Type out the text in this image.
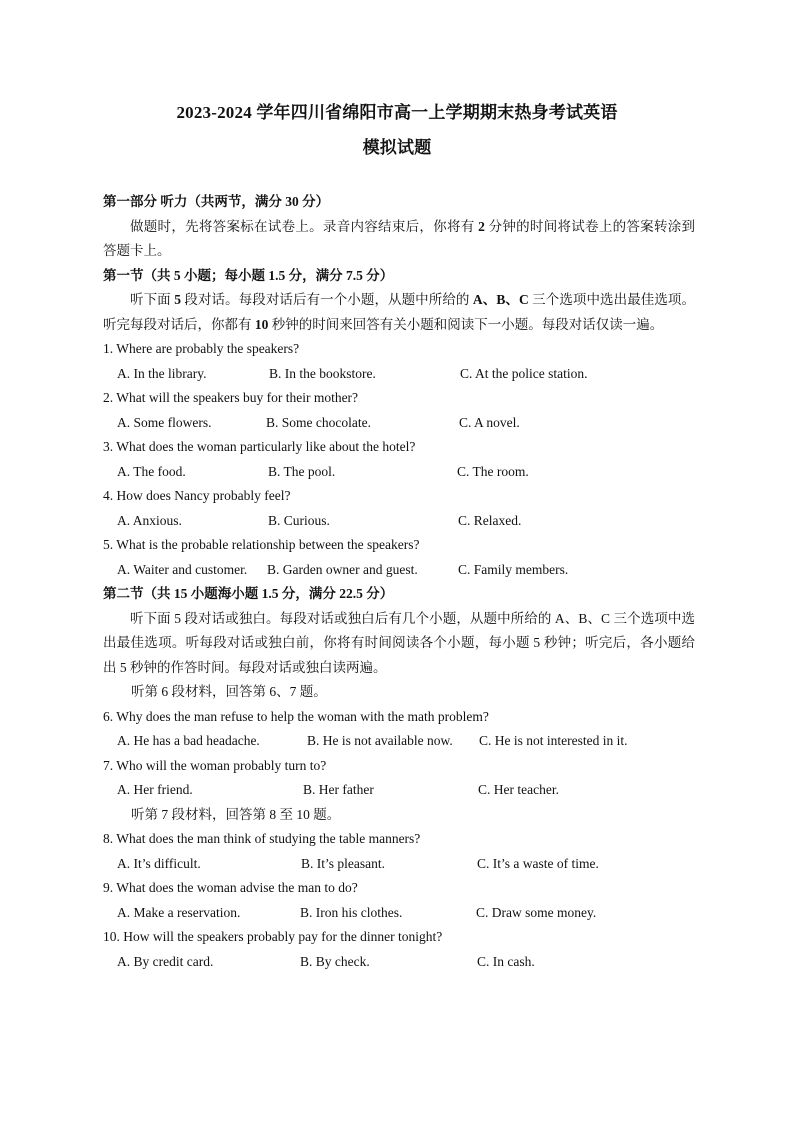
2023-2024 学年四川省绵阳市高一上学期期末热身考试英语
模拟试题

第一部分 听力（共两节，满分 30 分）

做题时，先将答案标在试卷上。录音内容结束后，你将有 2 分钟的时间将试卷上的答案转涂到答题卡上。

第一节（共 5 小题；每小题 1.5 分，满分 7.5 分）

听下面 5 段对话。每段对话后有一个小题，从题中所给的 A、B、C 三个选项中选出最佳选项。听完每段对话后，你都有 10 秒钟的时间来回答有关小题和阅读下一小题。每段对话仅读一遍。

1. Where are probably the speakers?

A. In the library.	B. In the bookstore.	C. At the police station.

2. What will the speakers buy for their mother?

A. Some flowers.	B. Some chocolate.	C. A novel.

3. What does the woman particularly like about the hotel?

A. The food.	B. The pool.	C. The room.

4. How does Nancy probably feel?

A. Anxious.	B. Curious.	C. Relaxed.

5. What is the probable relationship between the speakers?

A. Waiter and customer. B. Garden owner and guest.	C. Family members.

第二节（共 15 小题海小题 1.5 分，满分 22.5 分）

听下面 5 段对话或独白。每段对话或独白后有几个小题，从题中所给的 A、B、C 三个选项中选出最佳选项。听每段对话或独白前，你将有时间阅读各个小题，每小题 5 秒钟；听完后，各小题给出 5 秒钟的作答时间。每段对话或独白读两遍。

听第 6 段材料，回答第 6、7 题。

6. Why does the man refuse to help the woman with the math problem?

A. He has a bad headache.	B. He is not available now. C. He is not interested in it.

7. Who will the woman probably turn to?

A. Her friend.	B. Her father	C. Her teacher.

听第 7 段材料，回答第 8 至 10 题。

8. What does the man think of studying the table manners?

A. It’s difficult.	B. It’s pleasant.	C. It’s a waste of time.

9. What does the woman advise the man to do?

A. Make a reservation.	B. Iron his clothes.	C. Draw some money.

10. How will the speakers probably pay for the dinner tonight?

A. By credit card.	B. By check.	C. In cash.
